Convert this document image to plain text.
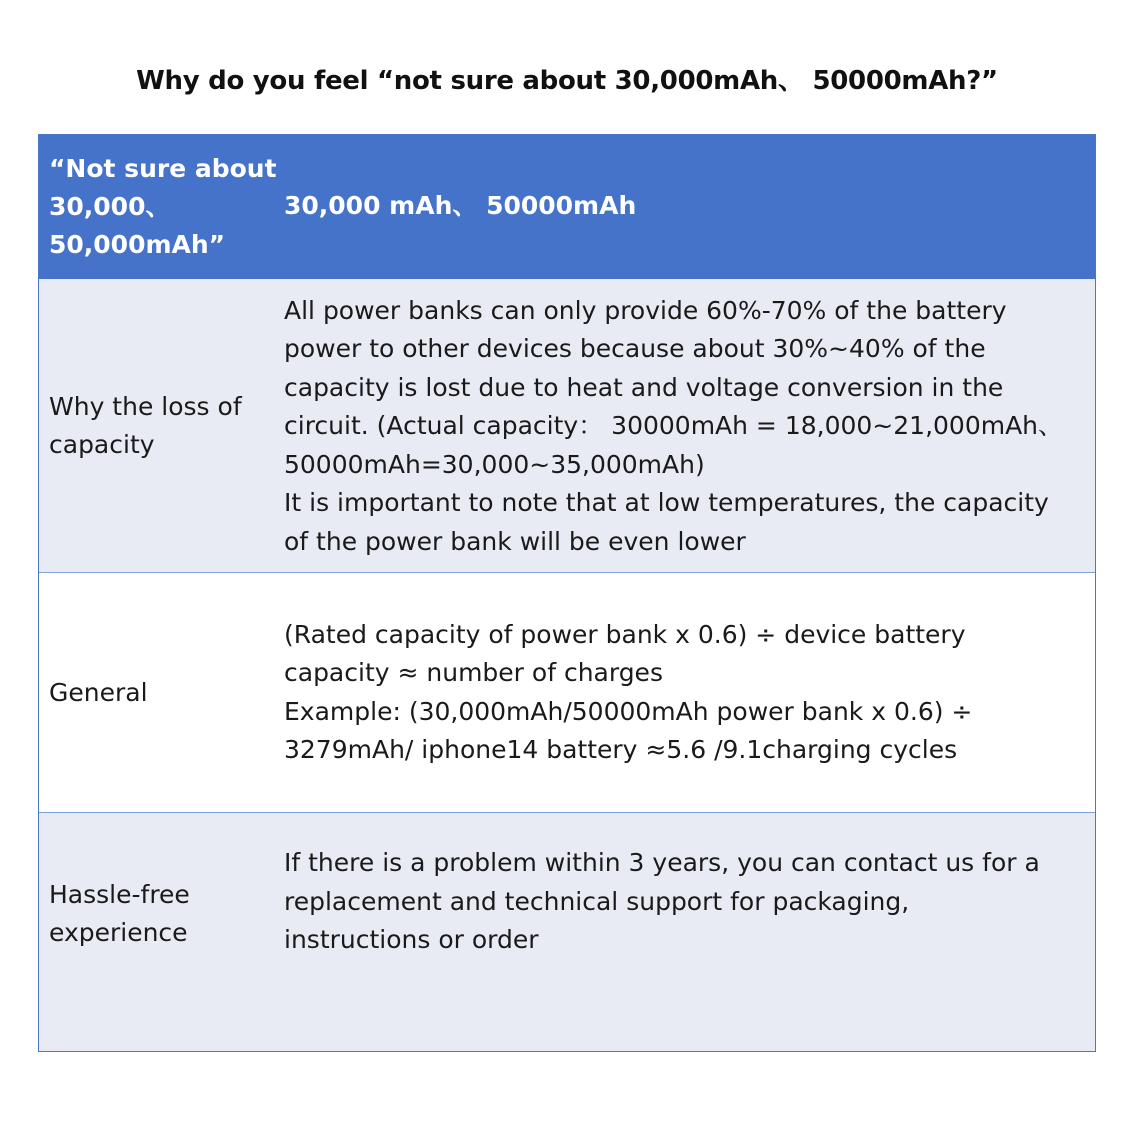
Why do you feel “not sure about 30,000mAh、 50000mAh?”
“Not sure about
30,000、
50,000mAh”
30,000 mAh、 50000mAh
Why the loss of
capacity
All power banks can only provide 60%-70% of the battery
power to other devices because about 30%~40% of the
capacity is lost due to heat and voltage conversion in the
circuit. (Actual capacity： 30000mAh = 18,000~21,000mAh、
50000mAh=30,000~35,000mAh)
It is important to note that at low temperatures, the capacity
of the power bank will be even lower
General
(Rated capacity of power bank x 0.6) ÷ device battery
capacity ≈ number of charges
Example: (30,000mAh/50000mAh power bank x 0.6) ÷
3279mAh/ iphone14 battery ≈5.6 /9.1charging cycles
Hassle-free
experience
If there is a problem within 3 years, you can contact us for a
replacement and technical support for packaging,
instructions or order
